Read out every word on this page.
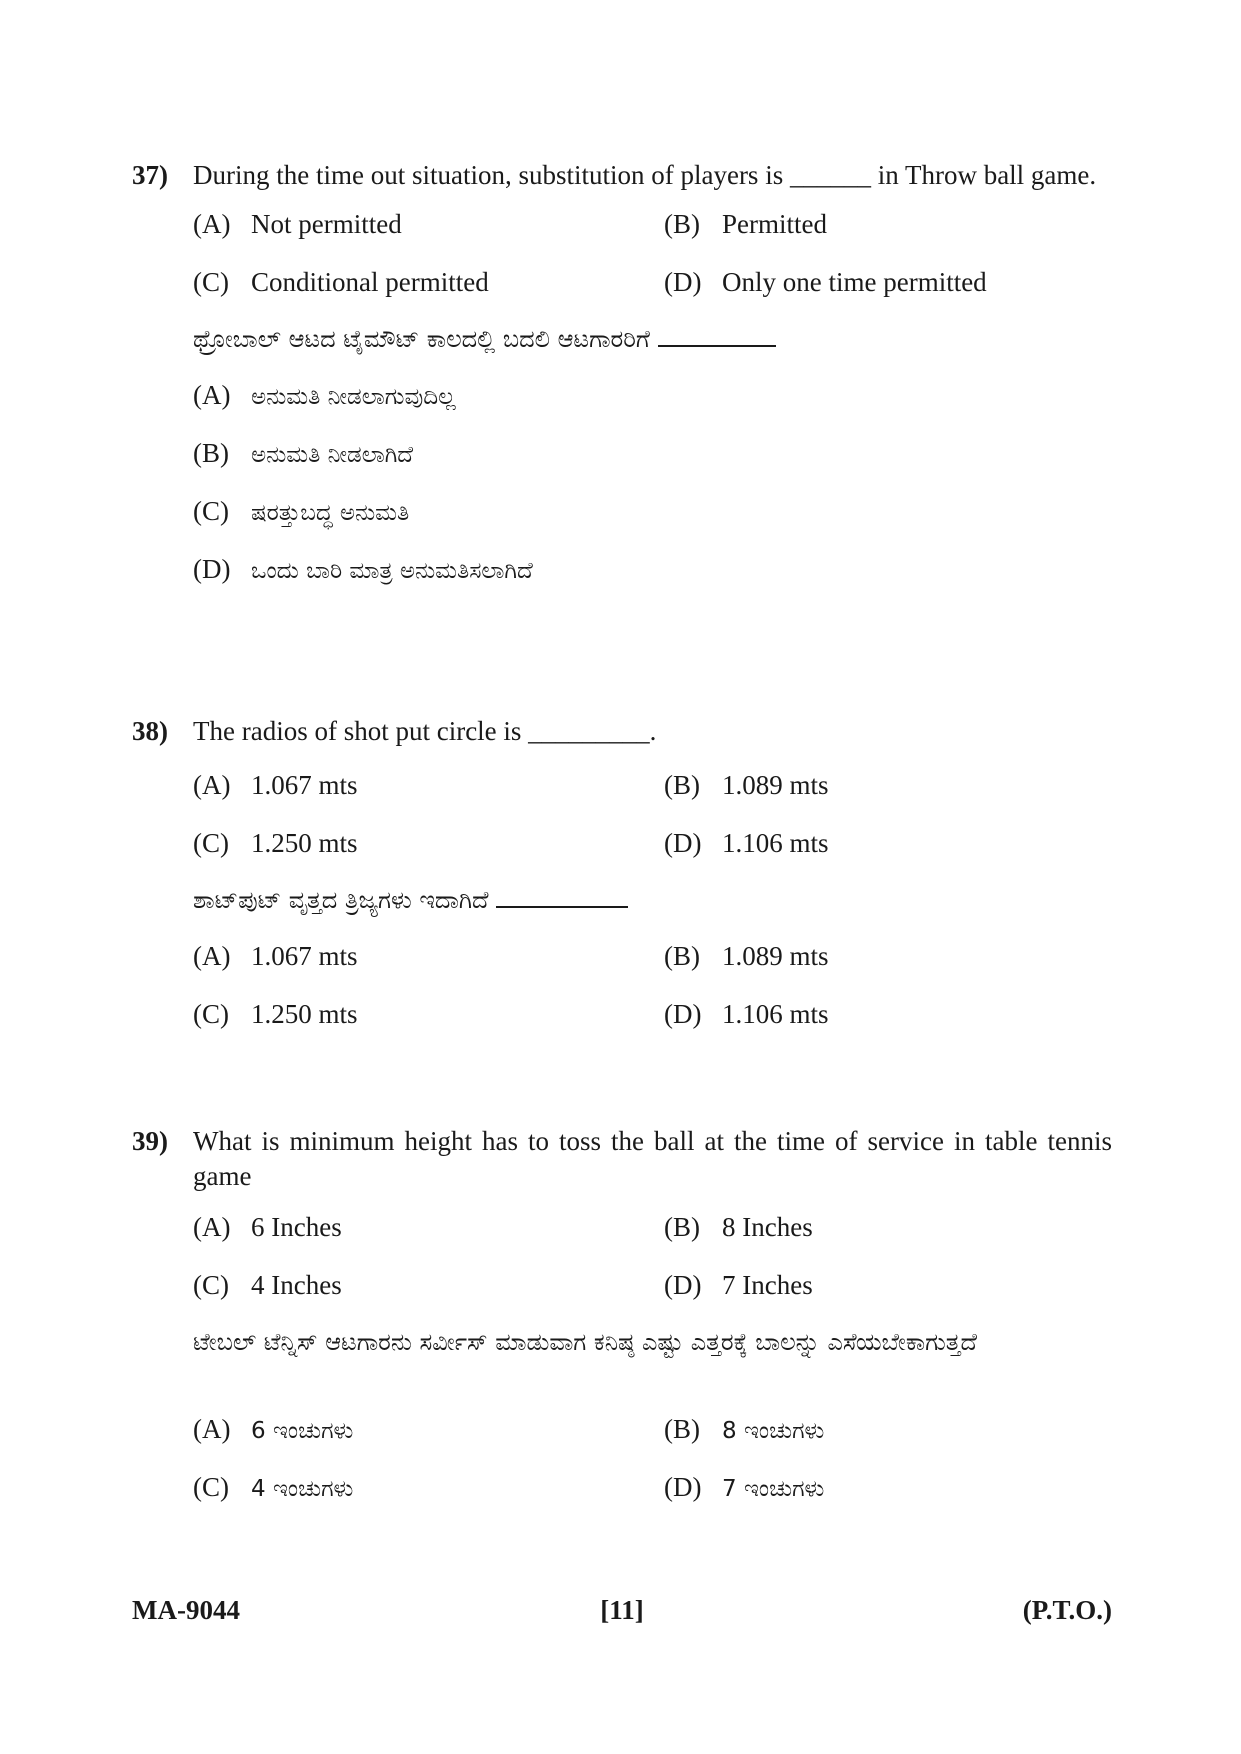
37) During the time out situation, substitution of players is ______ in Throw ball game.
(A) Not permitted	(B) Permitted
(C) Conditional permitted	(D) Only one time permitted
ಥ್ರೋಬಾಲ್ ಆಟದ ಟೈಮೌಟ್ ಕಾಲದಲ್ಲಿ ಬದಲಿ ಆಟಗಾರರಿಗೆ
(A) ಅನುಮತಿ ನೀಡಲಾಗುವುದಿಲ್ಲ
(B) ಅನುಮತಿ ನೀಡಲಾಗಿದೆ
(C) ಷರತ್ತುಬದ್ಧ ಅನುಮತಿ
(D) ಒಂದು ಬಾರಿ ಮಾತ್ರ ಅನುಮತಿಸಲಾಗಿದೆ
38) The radios of shot put circle is _________.
(A) 1.067 mts	(B) 1.089 mts
(C) 1.250 mts	(D) 1.106 mts
ಶಾಟ್‌ಪುಟ್ ವೃತ್ತದ ತ್ರಿಜ್ಯಗಳು ಇದಾಗಿದೆ
(A) 1.067 mts	(B) 1.089 mts
(C) 1.250 mts	(D) 1.106 mts
39) What is minimum height has to toss the ball at the time of service in table tennis game
(A) 6 Inches	(B) 8 Inches
(C) 4 Inches	(D) 7 Inches
ಟೇಬಲ್ ಟೆನ್ನಿಸ್ ಆಟಗಾರನು ಸರ್ವೀಸ್ ಮಾಡುವಾಗ ಕನಿಷ್ಠ ಎಷ್ಟು ಎತ್ತರಕ್ಕೆ ಬಾಲನ್ನು ಎಸೆಯಬೇಕಾಗುತ್ತದೆ
(A) 6 ಇಂಚುಗಳು	(B) 8 ಇಂಚುಗಳು
(C) 4 ಇಂಚುಗಳು	(D) 7 ಇಂಚುಗಳು
MA-9044	[11]	(P.T.O.)
